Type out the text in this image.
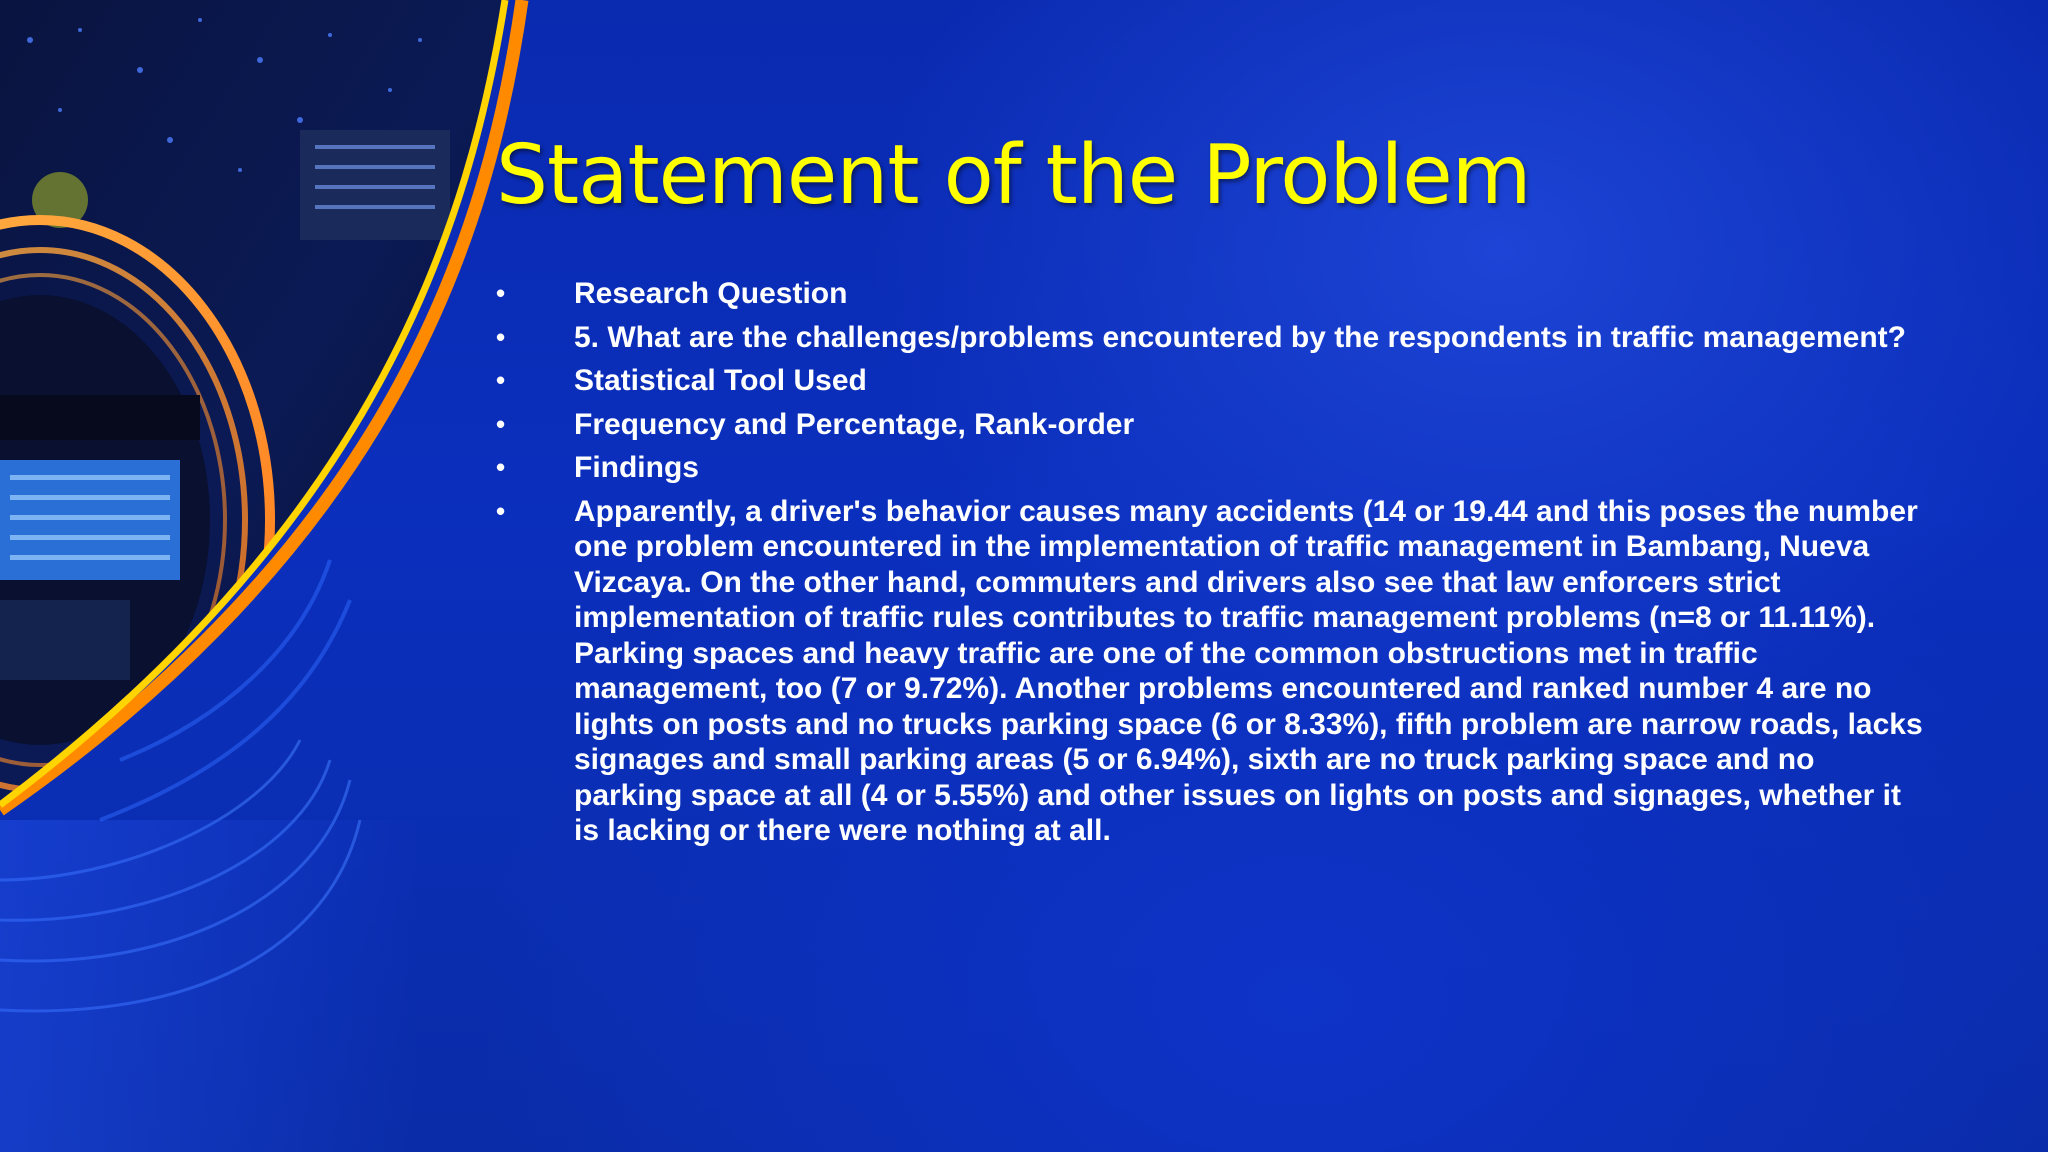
Statement of the Problem
• Research Question
• 5. What are the challenges/problems encountered by the respondents in traffic management?
• Statistical Tool Used
• Frequency and Percentage, Rank-order
• Findings
• Apparently, a driver's behavior causes many accidents (14 or 19.44 and this poses the number one problem encountered in the implementation of traffic management in Bambang, Nueva Vizcaya. On the other hand, commuters and drivers also see that law enforcers strict implementation of traffic rules contributes to traffic management problems (n=8 or 11.11%). Parking spaces and heavy traffic are one of the common obstructions met in traffic management, too (7 or 9.72%). Another problems encountered and ranked number 4 are no lights on posts and no trucks parking space (6 or 8.33%), fifth problem are narrow roads, lacks signages and small parking areas (5 or 6.94%), sixth are no truck parking space and no parking space at all (4 or 5.55%) and other issues on lights on posts and signages, whether it is lacking or there were nothing at all.
